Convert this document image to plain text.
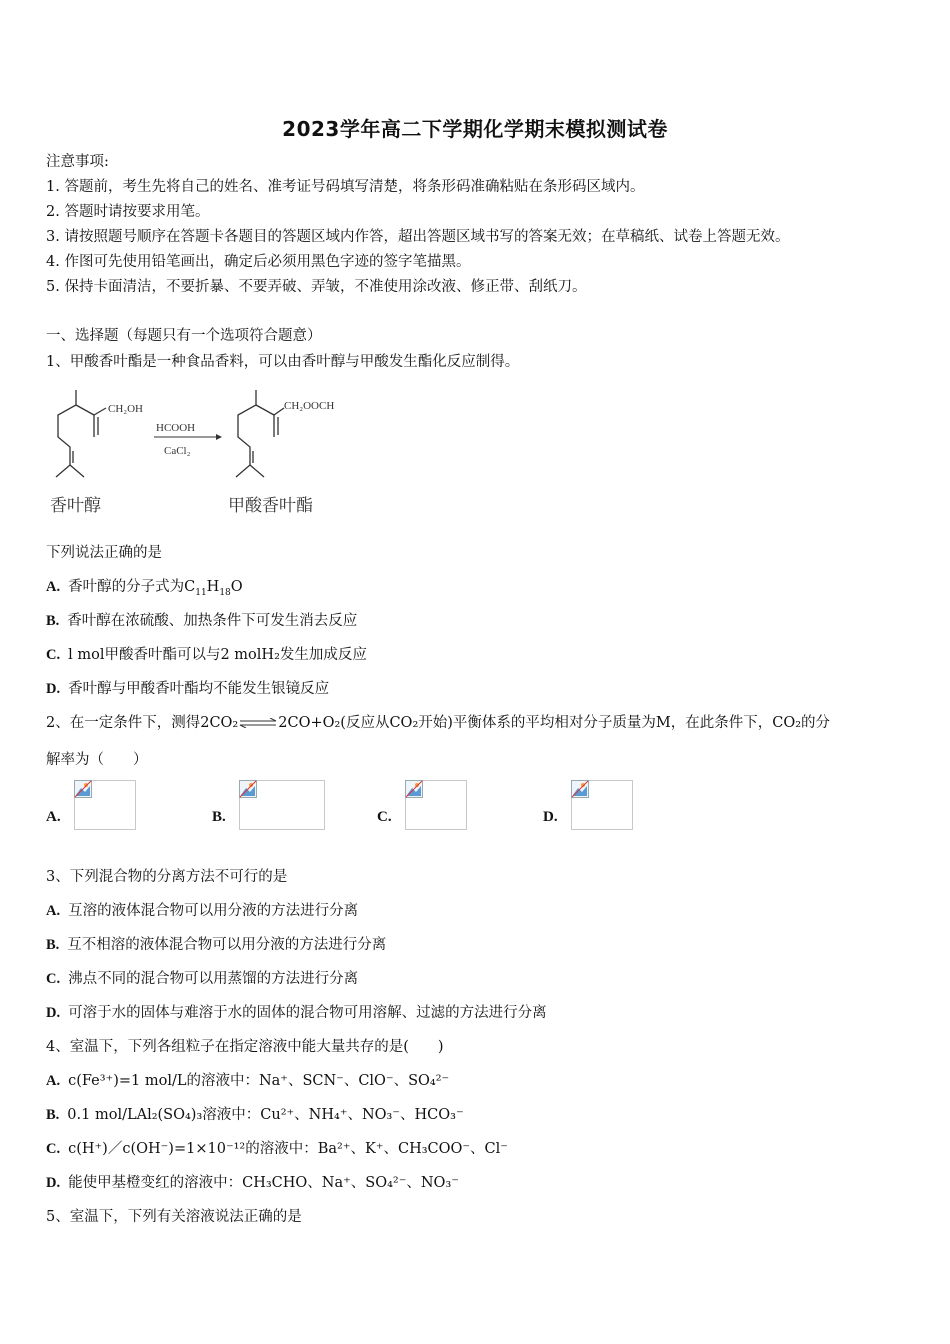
2023学年高二下学期化学期末模拟测试卷
注意事项:
1. 答题前，考生先将自己的姓名、准考证号码填写清楚，将条形码准确粘贴在条形码区域内。
2. 答题时请按要求用笔。
3. 请按照题号顺序在答题卡各题目的答题区域内作答，超出答题区域书写的答案无效；在草稿纸、试卷上答题无效。
4. 作图可先使用铅笔画出，确定后必须用黑色字迹的签字笔描黑。
5. 保持卡面清洁，不要折暴、不要弄破、弄皱，不准使用涂改液、修正带、刮纸刀。
一、选择题（每题只有一个选项符合题意）
1、甲酸香叶酯是一种食品香料，可以由香叶醇与甲酸发生酯化反应制得。
CH₂OH
HCOOH
CaCl₂
CH₂OOCH
香叶醇	甲酸香叶酯
下列说法正确的是
A. 香叶醇的分子式为$C_{11}H_{18}O$
B. 香叶醇在浓硫酸、加热条件下可发生消去反应
C. l mol甲酸香叶酯可以与2 molH₂发生加成反应
D. 香叶醇与甲酸香叶酯均不能发生银镜反应
2、在一定条件下，测得2CO₂⇌2CO+O₂(反应从CO₂开始)平衡体系的平均相对分子质量为M，在此条件下，CO₂的分
解率为（　　）
A.	B.	C.	D.
3、下列混合物的分离方法不可行的是
A. 互溶的液体混合物可以用分液的方法进行分离
B. 互不相溶的液体混合物可以用分液的方法进行分离
C. 沸点不同的混合物可以用蒸馏的方法进行分离
D. 可溶于水的固体与难溶于水的固体的混合物可用溶解、过滤的方法进行分离
4、室温下，下列各组粒子在指定溶液中能大量共存的是(　　)
A. c(Fe³⁺)=1 mol/L的溶液中：Na⁺、SCN⁻、ClO⁻、SO₄²⁻
B. 0.1 mol/LAl₂(SO₄)₃溶液中：Cu²⁺、NH₄⁺、NO₃⁻、HCO₃⁻
C. c(H⁺)／c(OH⁻)=1×10⁻¹²的溶液中：Ba²⁺、K⁺、CH₃COO⁻、Cl⁻
D. 能使甲基橙变红的溶液中：CH₃CHO、Na⁺、SO₄²⁻、NO₃⁻
5、室温下，下列有关溶液说法正确的是
